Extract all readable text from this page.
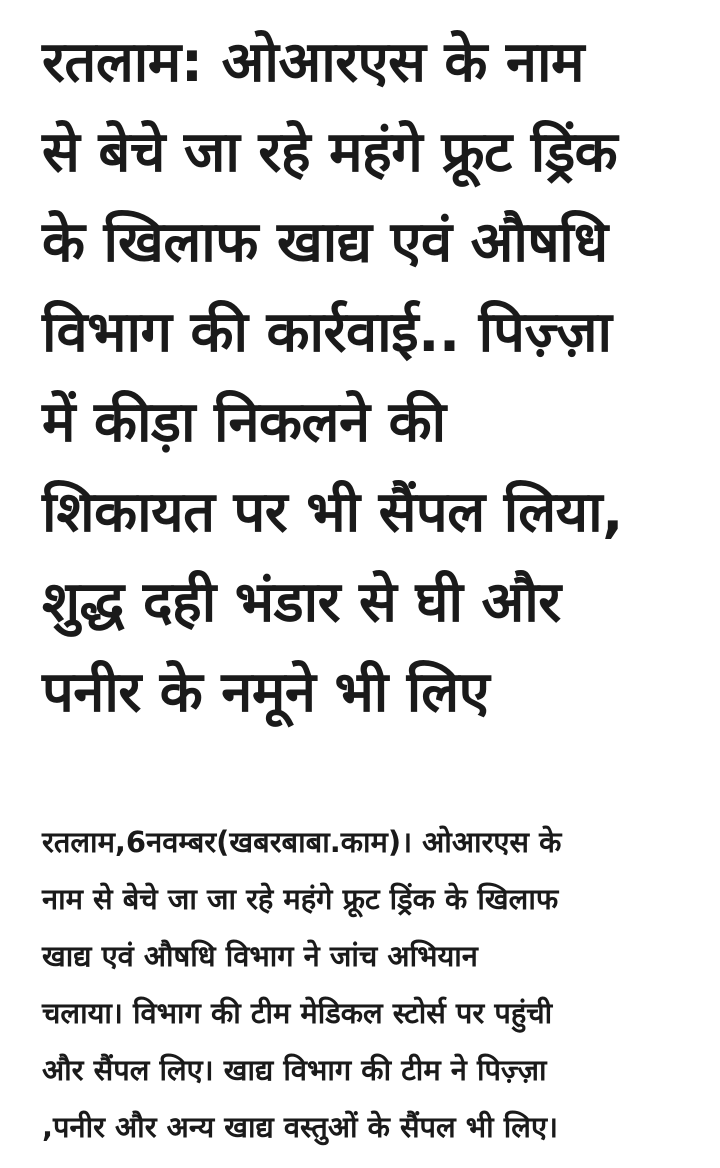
रतलाम: ओआरएस के नाम
से बेचे जा रहे महंगे फ्रूट ड्रिंक
के खिलाफ खाद्य एवं औषधि
विभाग की कार्रवाई.. पिज़्ज़ा
में कीड़ा निकलने की
शिकायत पर भी सैंपल लिया,
शुद्ध दही भंडार से घी और
पनीर के नमूने भी लिए

रतलाम,6नवम्बर(खबरबाबा.काम)। ओआरएस के
नाम से बेचे जा जा रहे महंगे फ्रूट ड्रिंक के खिलाफ
खाद्य एवं औषधि विभाग ने जांच अभियान
चलाया। विभाग की टीम मेडिकल स्टोर्स पर पहुंची
और सैंपल लिए। खाद्य विभाग की टीम ने पिज़्ज़ा
,पनीर और अन्य खाद्य वस्तुओं के सैंपल भी लिए।
